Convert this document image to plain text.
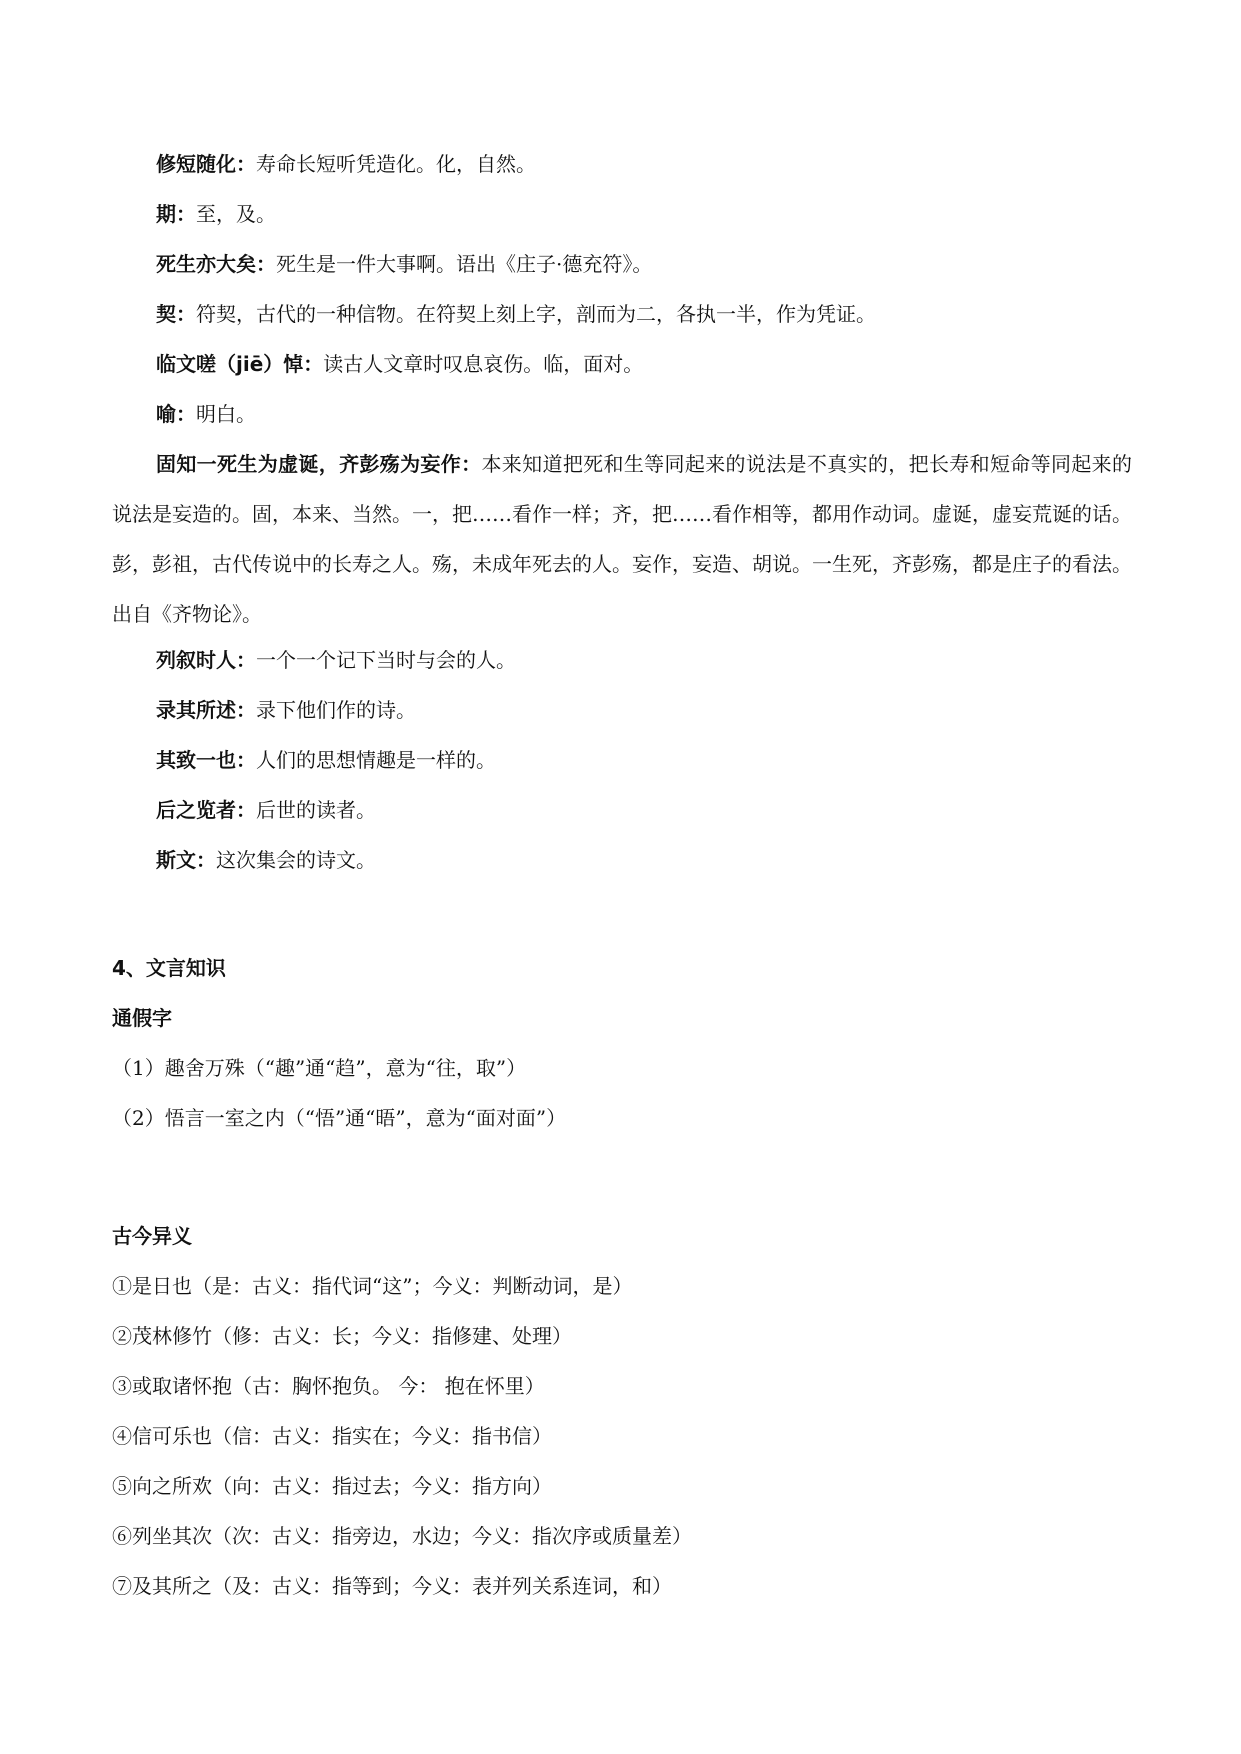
修短随化：寿命长短听凭造化。化，自然。

期：至，及。

死生亦大矣：死生是一件大事啊。语出《庄子·德充符》。

契：符契，古代的一种信物。在符契上刻上字，剖而为二，各执一半，作为凭证。

临文嗟（jiē）悼：读古人文章时叹息哀伤。临，面对。

喻：明白。

固知一死生为虚诞，齐彭殇为妄作：本来知道把死和生等同起来的说法是不真实的，把长寿和短命等同起来的说法是妄造的。固，本来、当然。一，把……看作一样；齐，把……看作相等，都用作动词。虚诞，虚妄荒诞的话。彭，彭祖，古代传说中的长寿之人。殇，未成年死去的人。妄作，妄造、胡说。一生死，齐彭殇，都是庄子的看法。出自《齐物论》。

列叙时人：一个一个记下当时与会的人。

录其所述：录下他们作的诗。

其致一也：人们的思想情趣是一样的。

后之览者：后世的读者。

斯文：这次集会的诗文。

4、文言知识

通假字

（1）趣舍万殊（“趣”通“趋”，意为“往，取”）

（2）悟言一室之内（“悟”通“晤”，意为“面对面”）

古今异义

①是日也（是：古义：指代词“这”；今义：判断动词，是）

②茂林修竹（修：古义：长；今义：指修建、处理）

③或取诸怀抱（古：胸怀抱负。 今： 抱在怀里）

④信可乐也（信：古义：指实在；今义：指书信）

⑤向之所欢（向：古义：指过去；今义：指方向）

⑥列坐其次（次：古义：指旁边，水边；今义：指次序或质量差）

⑦及其所之（及：古义：指等到；今义：表并列关系连词，和）
